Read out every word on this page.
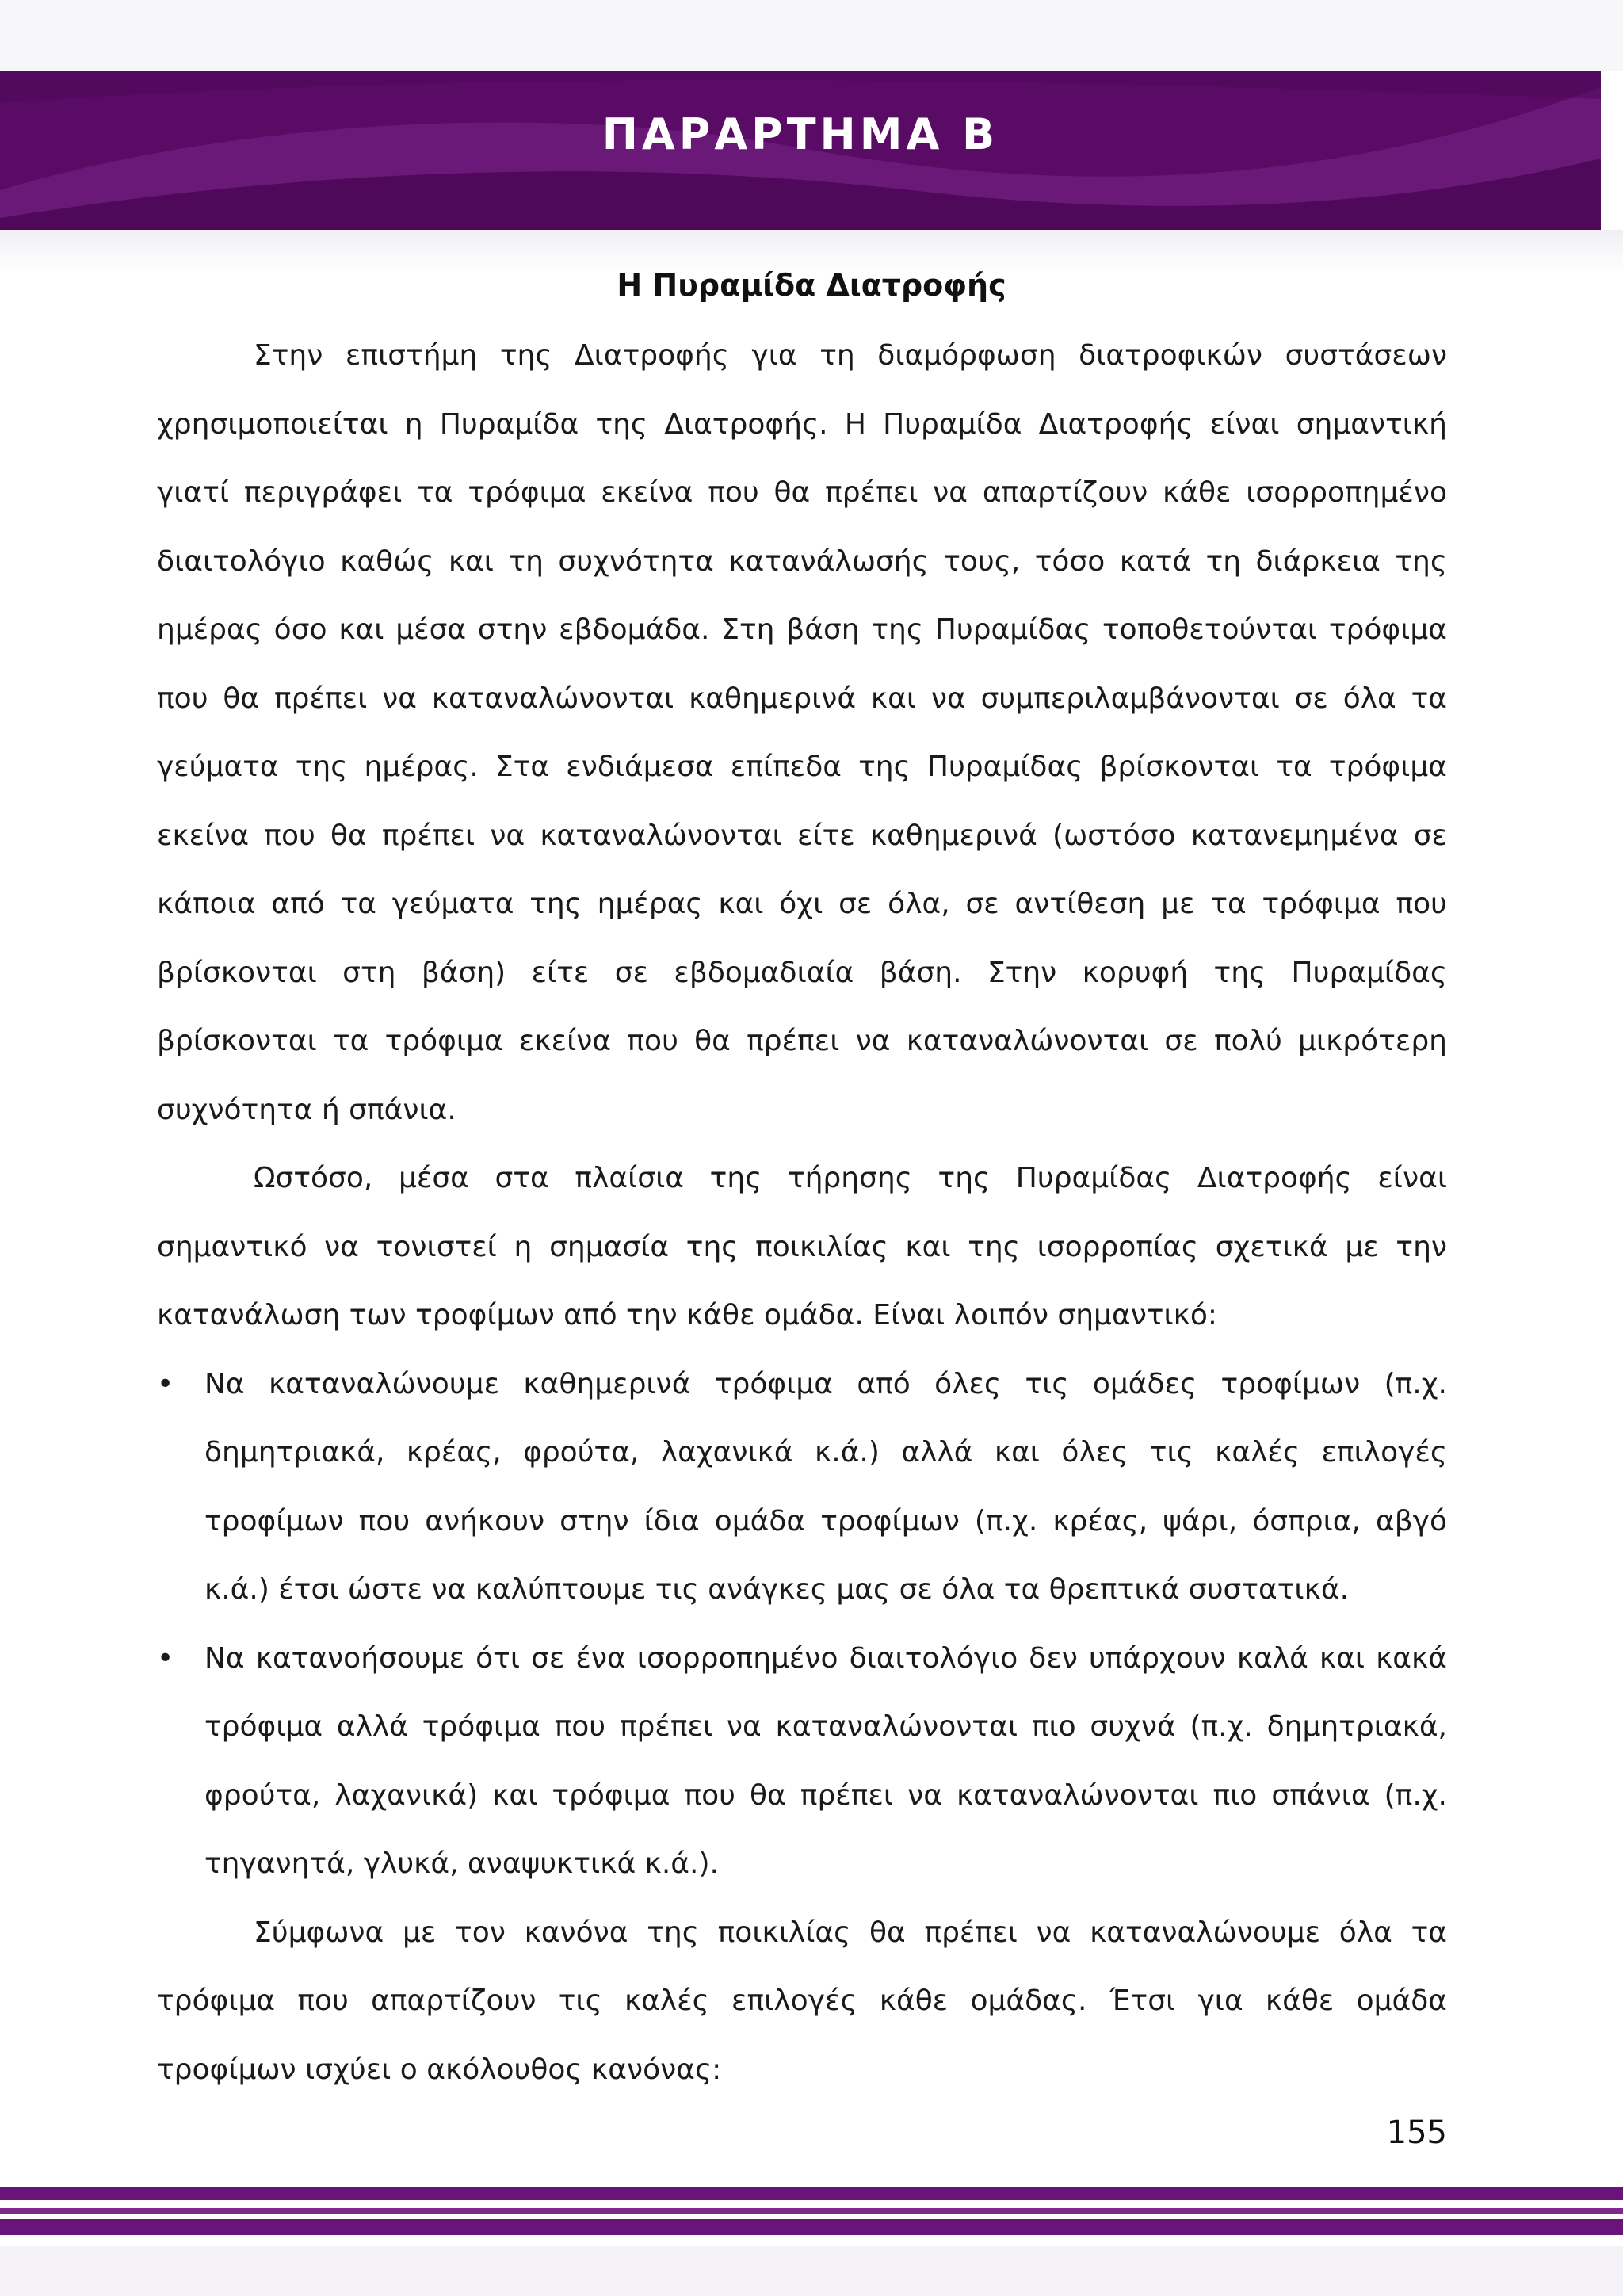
ΠΑΡΑΡΤΗΜΑ Β
Η Πυραμίδα Διατροφής

Στην επιστήμη της Διατροφής για τη διαμόρφωση διατροφικών συστάσεων χρησιμοποιείται η Πυραμίδα της Διατροφής. Η Πυραμίδα Διατροφής είναι σημαντική γιατί περιγράφει τα τρόφιμα εκείνα που θα πρέπει να απαρτίζουν κάθε ισορροπημένο διαιτολόγιο καθώς και τη συχνότητα κατανάλωσής τους, τόσο κατά τη διάρκεια της ημέρας όσο και μέσα στην εβδομάδα. Στη βάση της Πυραμίδας τοποθετούνται τρόφιμα που θα πρέπει να καταναλώνονται καθημερινά και να συμπεριλαμβάνονται σε όλα τα γεύματα της ημέρας. Στα ενδιάμεσα επίπεδα της Πυραμίδας βρίσκονται τα τρόφιμα εκείνα που θα πρέπει να καταναλώνονται είτε καθημερινά (ωστόσο κατανεμημένα σε κάποια από τα γεύματα της ημέρας και όχι σε όλα, σε αντίθεση με τα τρόφιμα που βρίσκονται στη βάση) είτε σε εβδομαδιαία βάση. Στην κορυφή της Πυραμίδας βρίσκονται τα τρόφιμα εκείνα που θα πρέπει να καταναλώνονται σε πολύ μικρότερη συχνότητα ή σπάνια.

Ωστόσο, μέσα στα πλαίσια της τήρησης της Πυραμίδας Διατροφής είναι σημαντικό να τονιστεί η σημασία της ποικιλίας και της ισορροπίας σχετικά με την κατανάλωση των τροφίμων από την κάθε ομάδα. Είναι λοιπόν σημαντικό:

• Να καταναλώνουμε καθημερινά τρόφιμα από όλες τις ομάδες τροφίμων (π.χ. δημητριακά, κρέας, φρούτα, λαχανικά κ.ά.) αλλά και όλες τις καλές επιλογές τροφίμων που ανήκουν στην ίδια ομάδα τροφίμων (π.χ. κρέας, ψάρι, όσπρια, αβγό κ.ά.) έτσι ώστε να καλύπτουμε τις ανάγκες μας σε όλα τα θρεπτικά συστατικά.
• Να κατανοήσουμε ότι σε ένα ισορροπημένο διαιτολόγιο δεν υπάρχουν καλά και κακά τρόφιμα αλλά τρόφιμα που πρέπει να καταναλώνονται πιο συχνά (π.χ. δημητριακά, φρούτα, λαχανικά) και τρόφιμα που θα πρέπει να καταναλώνονται πιο σπάνια (π.χ. τηγανητά, γλυκά, αναψυκτικά κ.ά.).

Σύμφωνα με τον κανόνα της ποικιλίας θα πρέπει να καταναλώνουμε όλα τα τρόφιμα που απαρτίζουν τις καλές επιλογές κάθε ομάδας. Έτσι για κάθε ομάδα τροφίμων ισχύει ο ακόλουθος κανόνας:

155
